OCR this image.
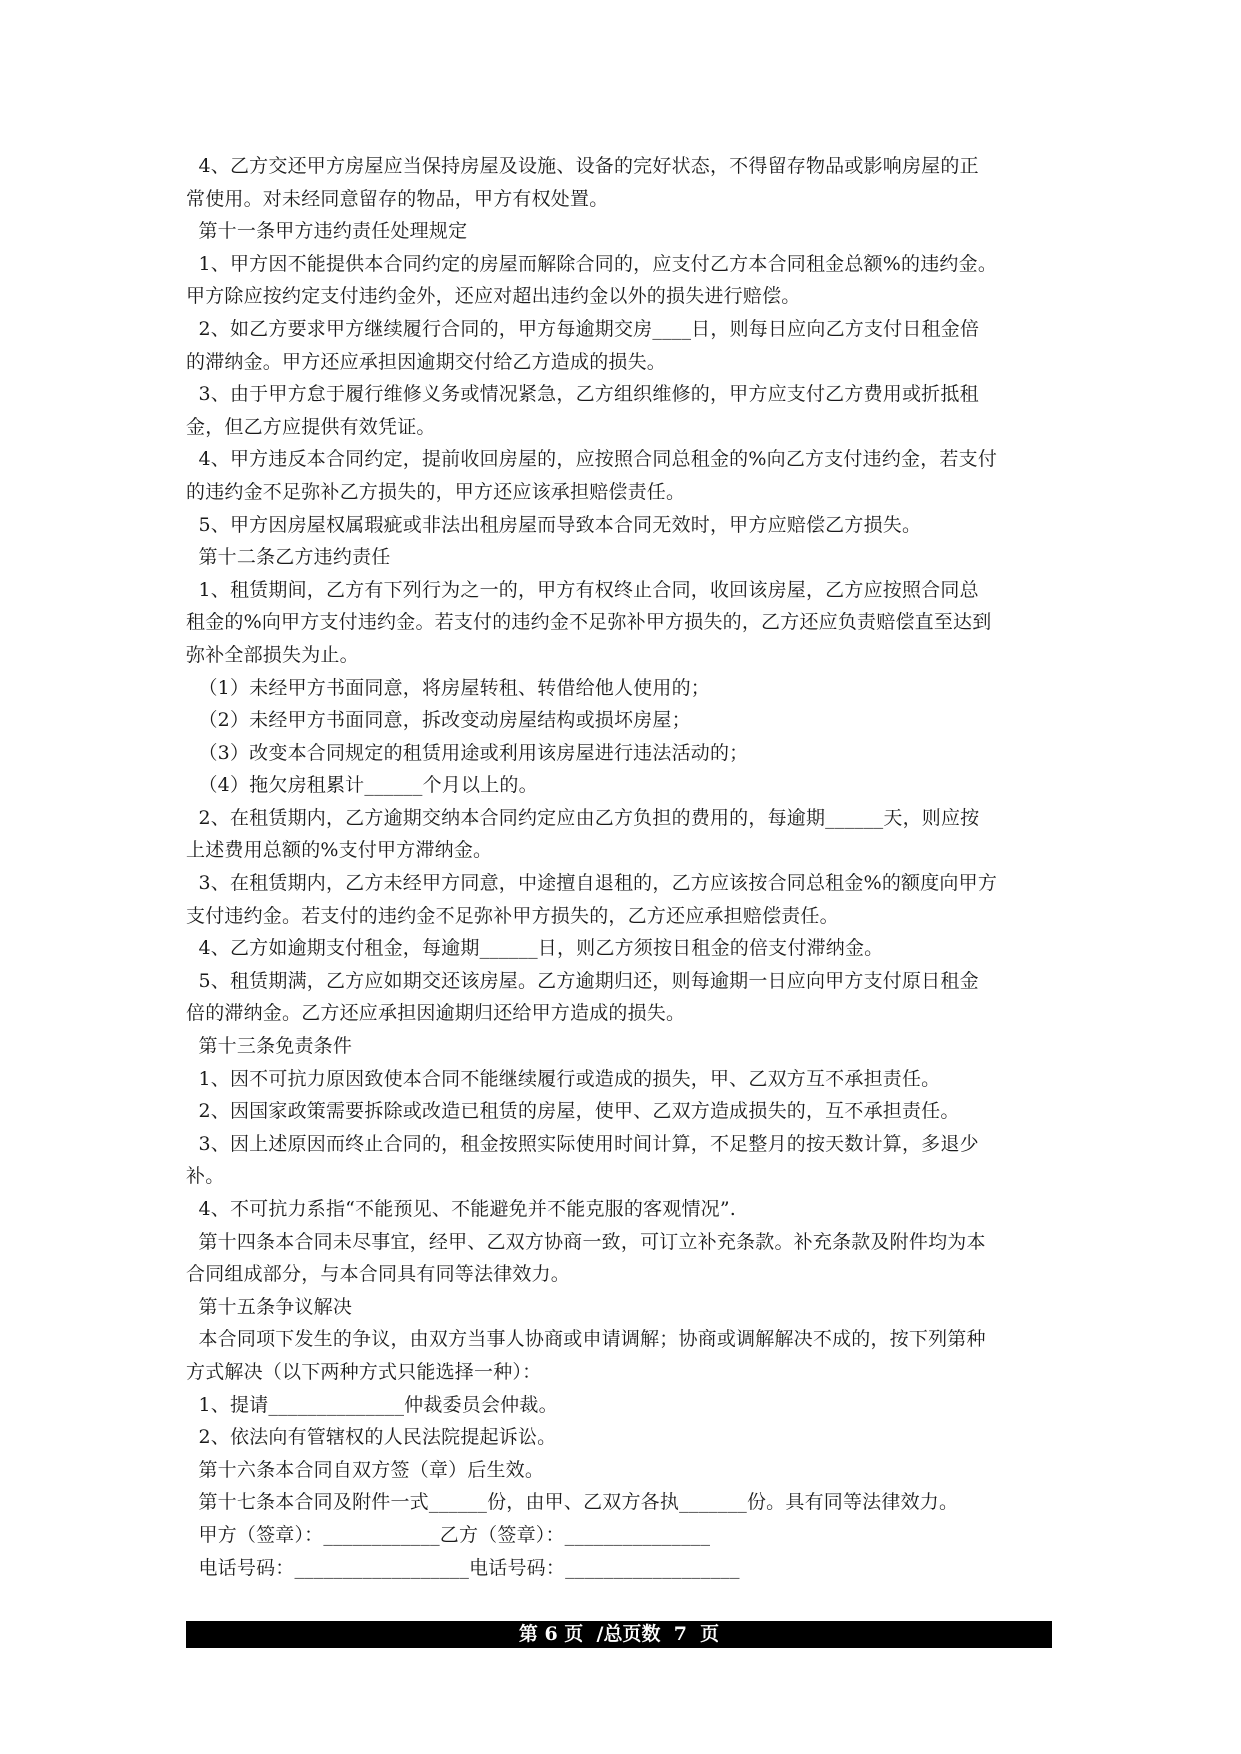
4、乙方交还甲方房屋应当保持房屋及设施、设备的完好状态，不得留存物品或影响房屋的正
常使用。对未经同意留存的物品，甲方有权处置。
第十一条甲方违约责任处理规定
1、甲方因不能提供本合同约定的房屋而解除合同的，应支付乙方本合同租金总额%的违约金。
甲方除应按约定支付违约金外，还应对超出违约金以外的损失进行赔偿。
2、如乙方要求甲方继续履行合同的，甲方每逾期交房____日，则每日应向乙方支付日租金倍
的滞纳金。甲方还应承担因逾期交付给乙方造成的损失。
3、由于甲方怠于履行维修义务或情况紧急，乙方组织维修的，甲方应支付乙方费用或折抵租
金，但乙方应提供有效凭证。
4、甲方违反本合同约定，提前收回房屋的，应按照合同总租金的%向乙方支付违约金，若支付
的违约金不足弥补乙方损失的，甲方还应该承担赔偿责任。
5、甲方因房屋权属瑕疵或非法出租房屋而导致本合同无效时，甲方应赔偿乙方损失。
第十二条乙方违约责任
1、租赁期间，乙方有下列行为之一的，甲方有权终止合同，收回该房屋，乙方应按照合同总
租金的%向甲方支付违约金。若支付的违约金不足弥补甲方损失的，乙方还应负责赔偿直至达到
弥补全部损失为止。
（1）未经甲方书面同意，将房屋转租、转借给他人使用的；
（2）未经甲方书面同意，拆改变动房屋结构或损坏房屋；
（3）改变本合同规定的租赁用途或利用该房屋进行违法活动的；
（4）拖欠房租累计______个月以上的。
2、在租赁期内，乙方逾期交纳本合同约定应由乙方负担的费用的，每逾期______天，则应按
上述费用总额的%支付甲方滞纳金。
3、在租赁期内，乙方未经甲方同意，中途擅自退租的，乙方应该按合同总租金%的额度向甲方
支付违约金。若支付的违约金不足弥补甲方损失的，乙方还应承担赔偿责任。
4、乙方如逾期支付租金，每逾期______日，则乙方须按日租金的倍支付滞纳金。
5、租赁期满，乙方应如期交还该房屋。乙方逾期归还，则每逾期一日应向甲方支付原日租金
倍的滞纳金。乙方还应承担因逾期归还给甲方造成的损失。
第十三条免责条件
1、因不可抗力原因致使本合同不能继续履行或造成的损失，甲、乙双方互不承担责任。
2、因国家政策需要拆除或改造已租赁的房屋，使甲、乙双方造成损失的，互不承担责任。
3、因上述原因而终止合同的，租金按照实际使用时间计算，不足整月的按天数计算，多退少
补。
4、不可抗力系指“不能预见、不能避免并不能克服的客观情况”.
第十四条本合同未尽事宜，经甲、乙双方协商一致，可订立补充条款。补充条款及附件均为本
合同组成部分，与本合同具有同等法律效力。
第十五条争议解决
本合同项下发生的争议，由双方当事人协商或申请调解；协商或调解解决不成的，按下列第种
方式解决（以下两种方式只能选择一种）：
1、提请______________仲裁委员会仲裁。
2、依法向有管辖权的人民法院提起诉讼。
第十六条本合同自双方签（章）后生效。
第十七条本合同及附件一式______份，由甲、乙双方各执_______份。具有同等法律效力。
甲方（签章）：____________乙方（签章）：_______________
电话号码：__________________电话号码：__________________
第 6 页  /总页数  7  页
